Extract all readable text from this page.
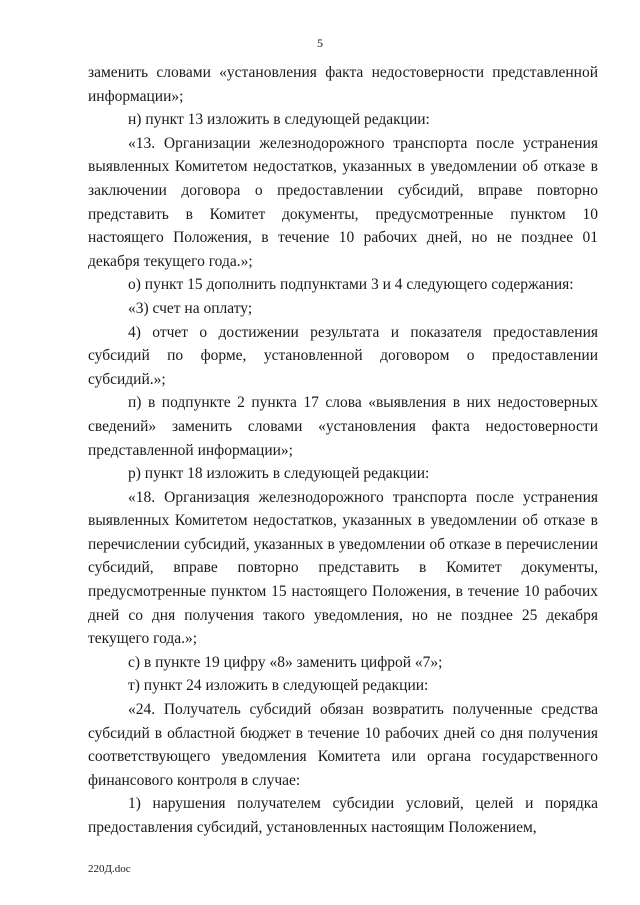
5

заменить словами «установления факта недостоверности представленной информации»;

н) пункт 13 изложить в следующей редакции:

«13. Организации железнодорожного транспорта после устранения выявленных Комитетом недостатков, указанных в уведомлении об отказе в заключении договора о предоставлении субсидий, вправе повторно представить в Комитет документы, предусмотренные пунктом 10 настоящего Положения, в течение 10 рабочих дней, но не позднее 01 декабря текущего года.»;

о) пункт 15 дополнить подпунктами 3 и 4 следующего содержания:

«3) счет на оплату;

4) отчет о достижении результата и показателя предоставления субсидий по форме, установленной договором о предоставлении субсидий.»;

п) в подпункте 2 пункта 17 слова «выявления в них недостоверных сведений» заменить словами «установления факта недостоверности представленной информации»;

р) пункт 18 изложить в следующей редакции:

«18. Организация железнодорожного транспорта после устранения выявленных Комитетом недостатков, указанных в уведомлении об отказе в перечислении субсидий, указанных в уведомлении об отказе в перечислении субсидий, вправе повторно представить в Комитет документы, предусмотренные пунктом 15 настоящего Положения, в течение 10 рабочих дней со дня получения такого уведомления, но не позднее 25 декабря текущего года.»;

с) в пункте 19 цифру «8» заменить цифрой «7»;

т) пункт 24 изложить в следующей редакции:

«24. Получатель субсидий обязан возвратить полученные средства субсидий в областной бюджет в течение 10 рабочих дней со дня получения соответствующего уведомления Комитета или органа государственного финансового контроля в случае:

1) нарушения получателем субсидии условий, целей и порядка предоставления субсидий, установленных настоящим Положением,

220Д.doc
